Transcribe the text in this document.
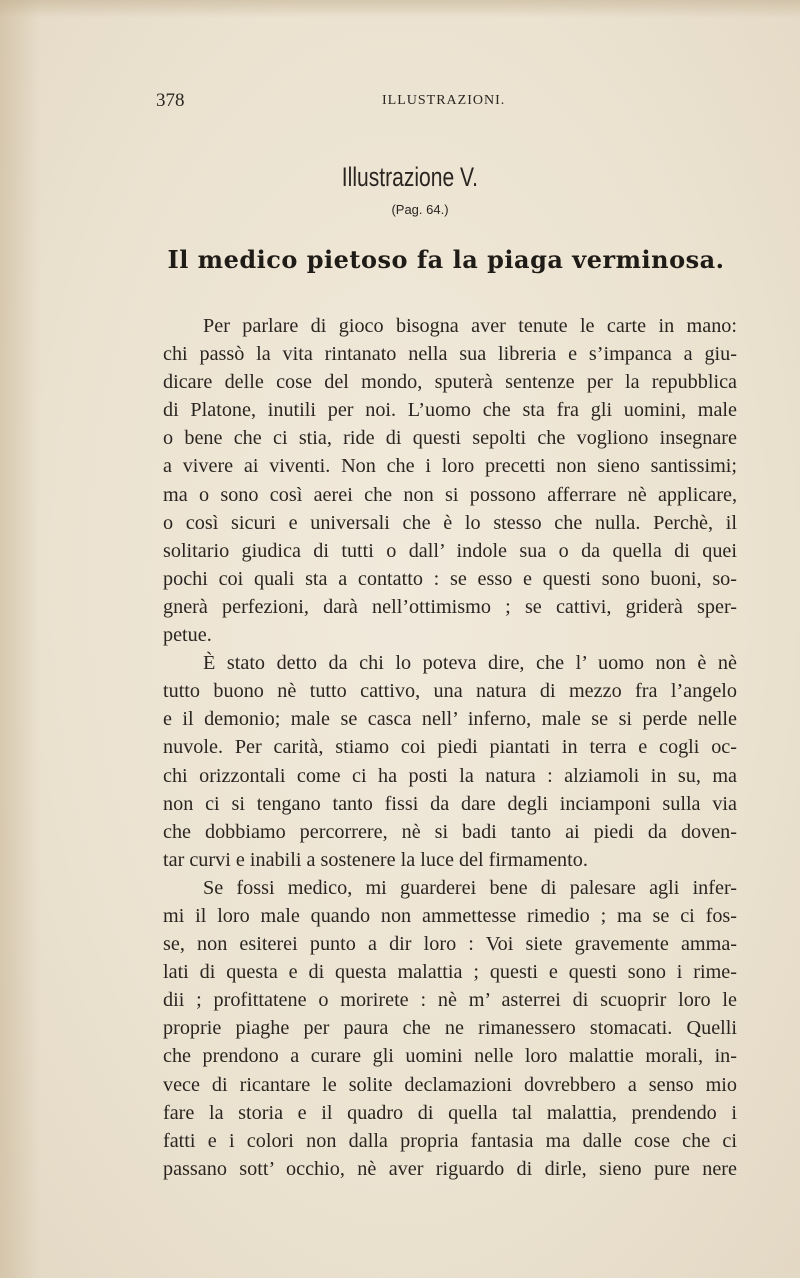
378	ILLUSTRAZIONI.
Illustrazione V.
(Pag. 64.)
Il medico pietoso fa la piaga verminosa.
Per parlare di gioco bisogna aver tenute le carte in mano:
chi passò la vita rintanato nella sua libreria e s’impanca a giu-
dicare delle cose del mondo, sputerà sentenze per la repubblica
di Platone, inutili per noi. L’uomo che sta fra gli uomini, male
o bene che ci stia, ride di questi sepolti che vogliono insegnare
a vivere ai viventi. Non che i loro precetti non sieno santissimi;
ma o sono così aerei che non si possono afferrare nè applicare,
o così sicuri e universali che è lo stesso che nulla. Perchè, il
solitario giudica di tutti o dall’ indole sua o da quella di quei
pochi coi quali sta a contatto : se esso e questi sono buoni, so-
gnerà perfezioni, darà nell’ottimismo ; se cattivi, griderà sper-
petue.
È stato detto da chi lo poteva dire, che l’ uomo non è nè
tutto buono nè tutto cattivo, una natura di mezzo fra l’angelo
e il demonio; male se casca nell’ inferno, male se si perde nelle
nuvole. Per carità, stiamo coi piedi piantati in terra e cogli oc-
chi orizzontali come ci ha posti la natura : alziamoli in su, ma
non ci si tengano tanto fissi da dare degli inciamponi sulla via
che dobbiamo percorrere, nè si badi tanto ai piedi da doven-
tar curvi e inabili a sostenere la luce del firmamento.
Se fossi medico, mi guarderei bene di palesare agli infer-
mi il loro male quando non ammettesse rimedio ; ma se ci fos-
se, non esiterei punto a dir loro : Voi siete gravemente amma-
lati di questa e di questa malattia ; questi e questi sono i rime-
dii ; profittatene o morirete : nè m’ asterrei di scuoprir loro le
proprie piaghe per paura che ne rimanessero stomacati. Quelli
che prendono a curare gli uomini nelle loro malattie morali, in-
vece di ricantare le solite declamazioni dovrebbero a senso mio
fare la storia e il quadro di quella tal malattia, prendendo i
fatti e i colori non dalla propria fantasia ma dalle cose che ci
passano sott’ occhio, nè aver riguardo di dirle, sieno pure nere
